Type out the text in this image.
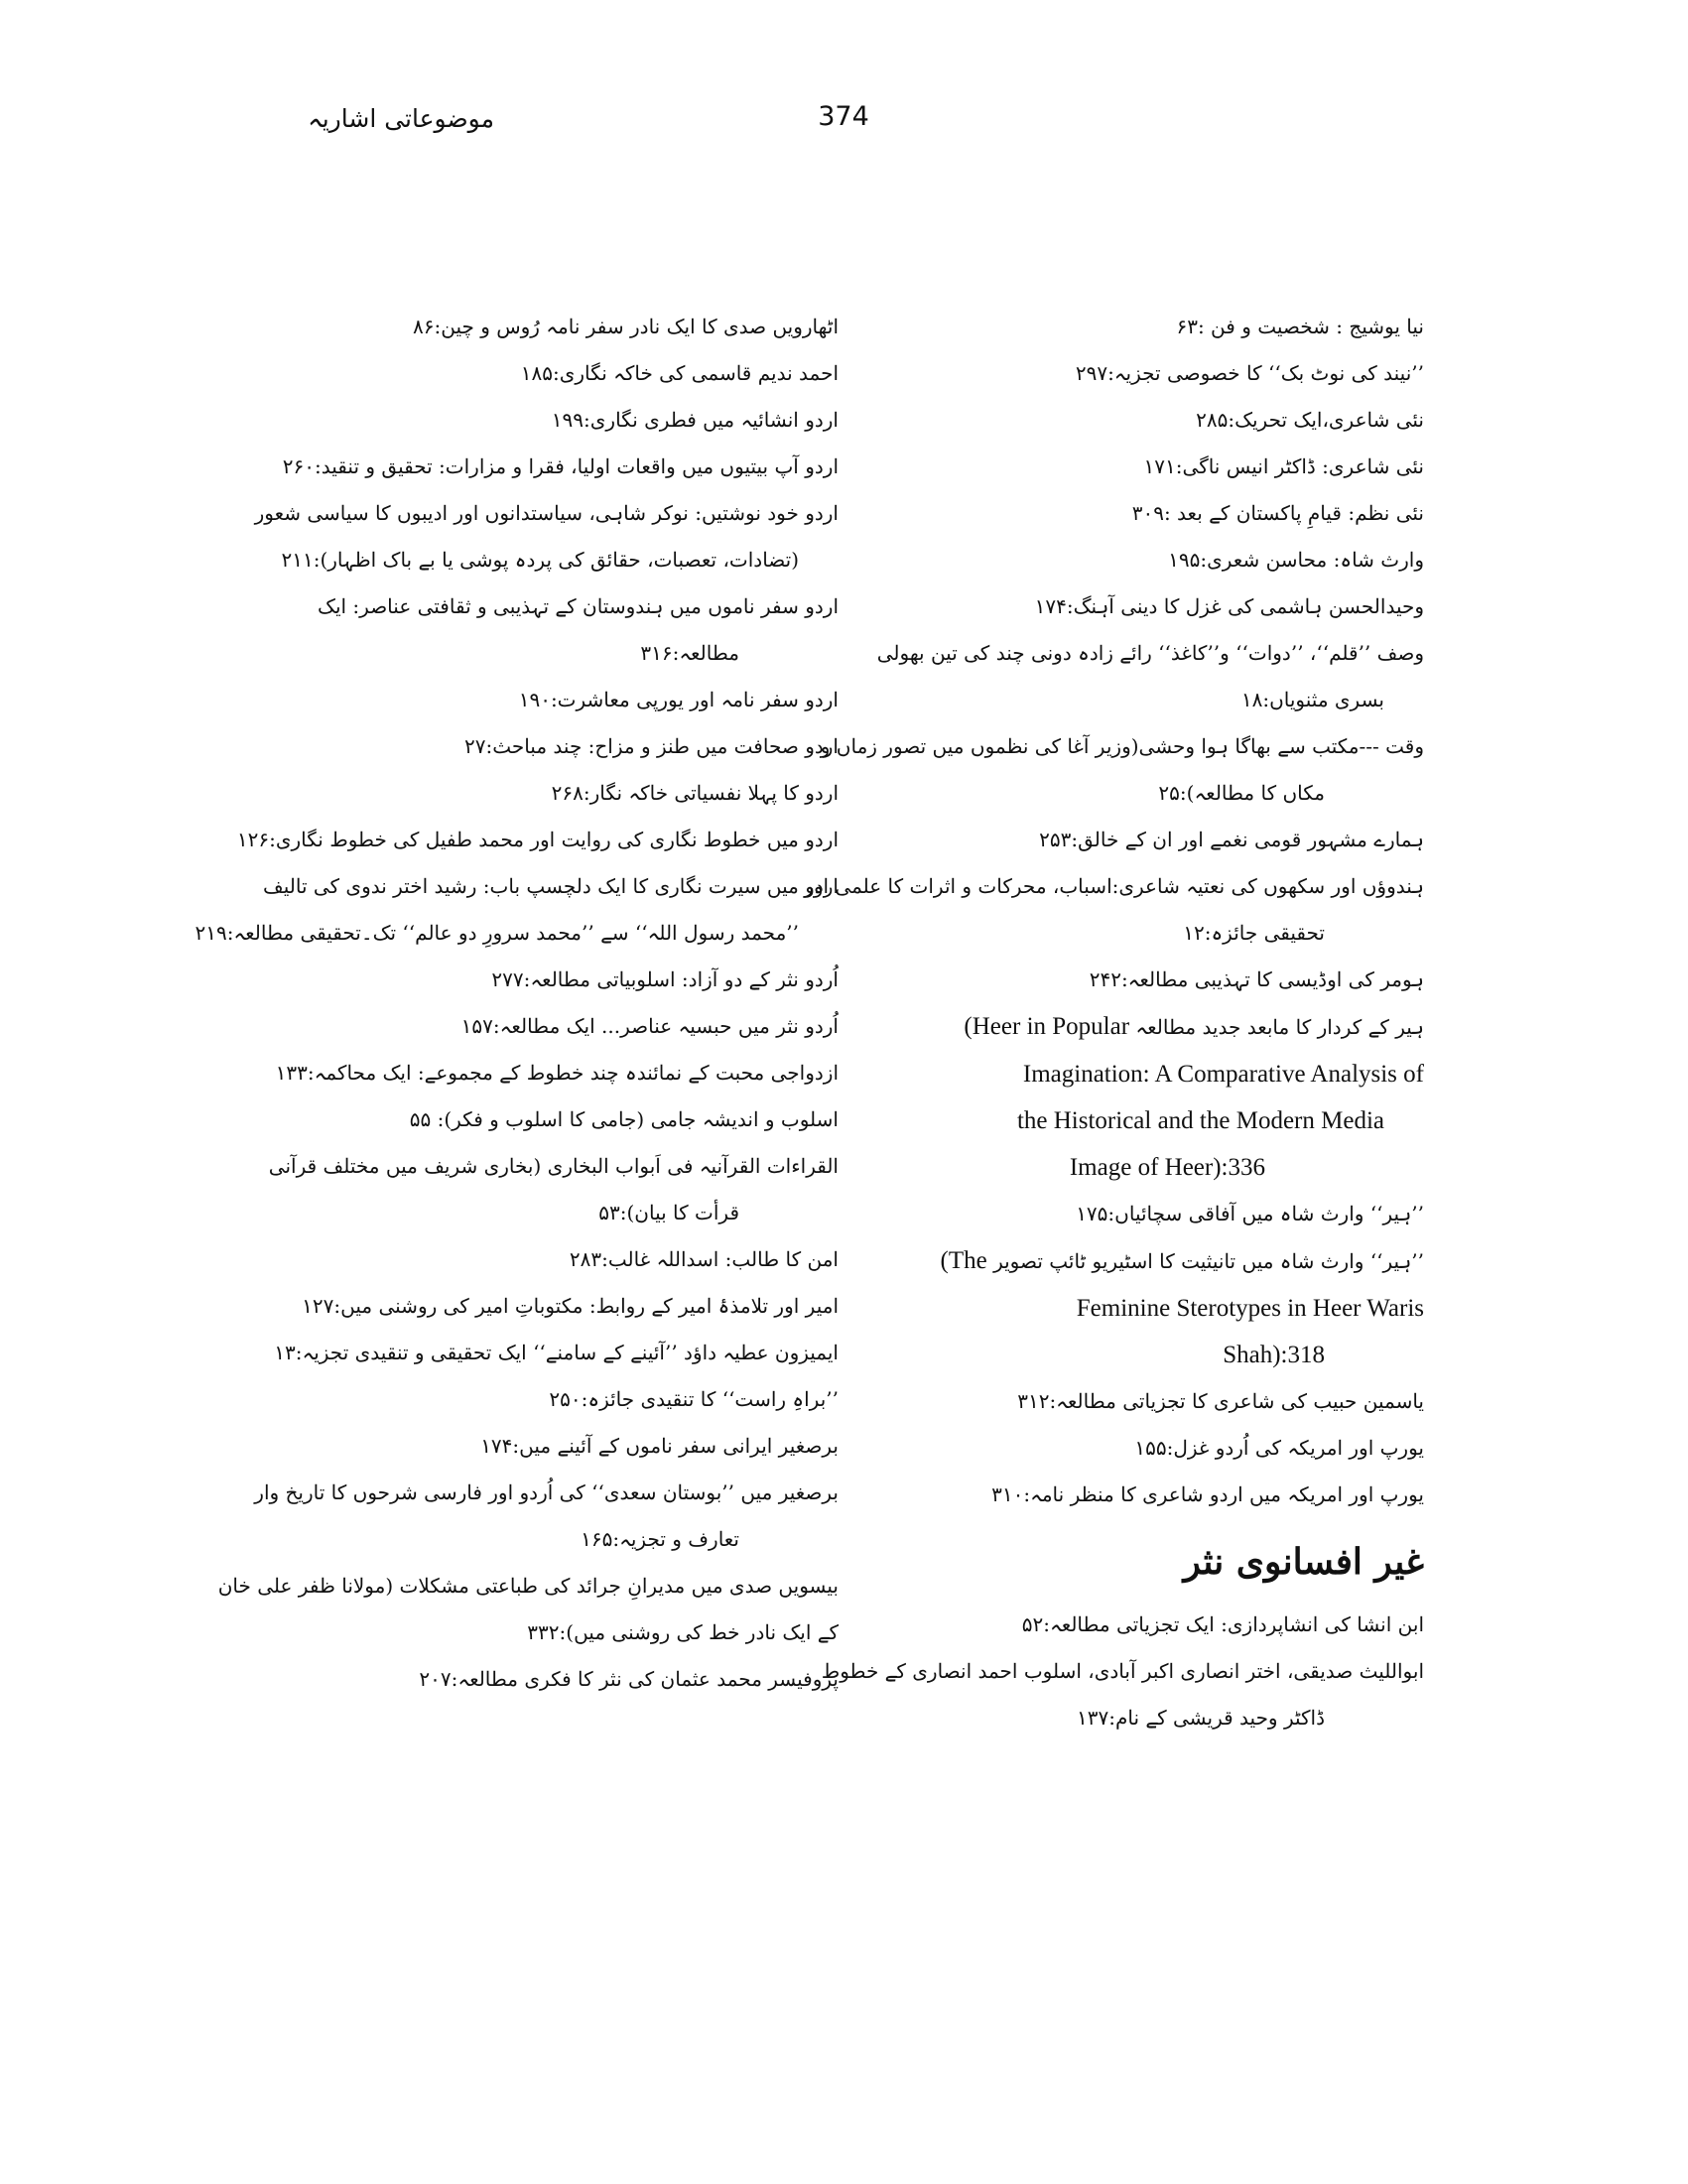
موضوعاتی اشاریہ	374
نیا یوشیج : شخصیت و فن :۶۳
’’نیند کی نوٹ بک‘‘ کا خصوصی تجزیہ:۲۹۷
نئی شاعری،ایک تحریک:۲۸۵
نئی شاعری: ڈاکٹر انیس ناگی:۱۷۱
نئی نظم: قیامِ پاکستان کے بعد :۳۰۹
وارث شاہ: محاسن شعری:۱۹۵
وحیدالحسن ہاشمی کی غزل کا دینی آہنگ:۱۷۴
وصف ’’قلم‘‘، ’’دوات‘‘ و’’کاغذ‘‘ رائے زادہ دونی چند کی تین بھولی
بسری مثنویاں:۱۸
وقت ---مکتب سے بھاگا ہوا وحشی(وزیر آغا کی نظموں میں تصور زماں و
مکاں کا مطالعہ):۲۵
ہمارے مشہور قومی نغمے اور ان کے خالق:۲۵۳
ہندوؤں اور سکھوں کی نعتیہ شاعری:اسباب، محرکات و اثرات کا علمی اور
تحقیقی جائزہ:۱۲
ہومر کی اوڈیسی کا تہذیبی مطالعہ:۲۴۲
ہیر کے کردار کا مابعد جدید مطالعہ (Heer in Popular
Imagination: A Comparative Analysis of
the Historical and the Modern Media
Image of Heer):336
’’ہیر‘‘ وارث شاہ میں آفاقی سچائیاں:۱۷۵
’’ہیر‘‘ وارث شاہ میں تانیثیت کا اسٹیریو ٹائپ تصویر (The
Feminine Sterotypes in Heer Waris
Shah):318
یاسمین حبیب کی شاعری کا تجزیاتی مطالعہ:۳۱۲
یورپ اور امریکہ کی اُردو غزل:۱۵۵
یورپ اور امریکہ میں اردو شاعری کا منظر نامہ:۳۱۰
غیر افسانوی نثر
ابن انشا کی انشاپردازی: ایک تجزیاتی مطالعہ:۵۲
ابواللیث صدیقی، اختر انصاری اکبر آبادی، اسلوب احمد انصاری کے خطوط
ڈاکٹر وحید قریشی کے نام:۱۳۷
اٹھارویں صدی کا ایک نادر سفر نامہ رُوس و چین:۸۶
احمد ندیم قاسمی کی خاکہ نگاری:۱۸۵
اردو انشائیہ میں فطری نگاری:۱۹۹
اردو آپ بیتیوں میں واقعات اولیا، فقرا و مزارات: تحقیق و تنقید:۲۶۰
اردو خود نوشتیں: نوکر شاہی، سیاستدانوں اور ادیبوں کا سیاسی شعور
(تضادات، تعصبات، حقائق کی پردہ پوشی یا بے باک اظہار):۲۱۱
اردو سفر ناموں میں ہندوستان کے تہذیبی و ثقافتی عناصر: ایک
مطالعہ:۳۱۶
اردو سفر نامہ اور یورپی معاشرت:۱۹۰
اردو صحافت میں طنز و مزاح: چند مباحث:۲۷
اردو کا پہلا نفسیاتی خاکہ نگار:۲۶۸
اردو میں خطوط نگاری کی روایت اور محمد طفیل کی خطوط نگاری:۱۲۶
اردو میں سیرت نگاری کا ایک دلچسپ باب: رشید اختر ندوی کی تالیف
’’محمد رسول اللہ‘‘ سے ’’محمد سرورِ دو عالم‘‘ تک۔تحقیقی مطالعہ:۲۱۹
اُردو نثر کے دو آزاد: اسلوبیاتی مطالعہ:۲۷۷
اُردو نثر میں حبسیہ عناصر... ایک مطالعہ:۱۵۷
ازدواجی محبت کے نمائندہ چند خطوط کے مجموعے: ایک محاکمہ:۱۳۳
اسلوب و اندیشہ جامی (جامی کا اسلوب و فکر): ۵۵
القراءات القرآنیہ فی اَبواب البخاری (بخاری شریف میں مختلف قرآنی
قرأت کا بیان):۵۳
امن کا طالب: اسداللہ غالب:۲۸۳
امیر اور تلامذۂ امیر کے روابط: مکتوباتِ امیر کی روشنی میں:۱۲۷
ایمیزون عطیہ داؤد ’’آئینے کے سامنے‘‘ ایک تحقیقی و تنقیدی تجزیہ:۱۳
’’براہِ راست‘‘ کا تنقیدی جائزہ:۲۵۰
برصغیر ایرانی سفر ناموں کے آئینے میں:۱۷۴
برصغیر میں ’’بوستان سعدی‘‘ کی اُردو اور فارسی شرحوں کا تاریخ وار
تعارف و تجزیہ:۱۶۵
بیسویں صدی میں مدیرانِ جرائد کی طباعتی مشکلات (مولانا ظفر علی خان
کے ایک نادر خط کی روشنی میں):۳۳۲
پروفیسر محمد عثمان کی نثر کا فکری مطالعہ:۲۰۷
